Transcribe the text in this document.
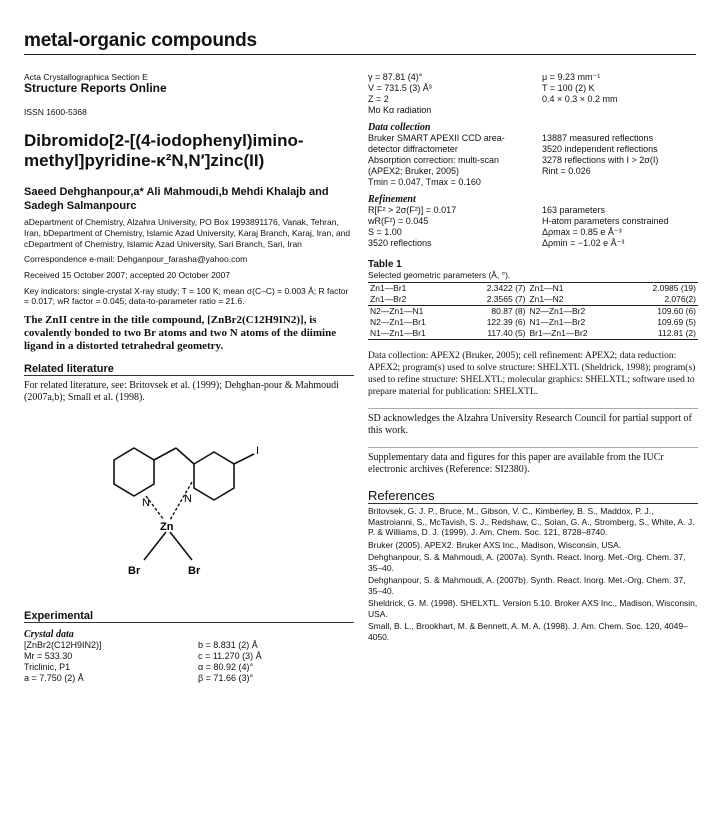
metal-organic compounds
Acta Crystallographica Section E
Structure Reports Online
ISSN 1600-5368
Dibromido[2-[(4-iodophenyl)imino-methyl]pyridine-κ²N,N′]zinc(II)
Saeed Dehghanpour,a* Ali Mahmoudi,b Mehdi Khalajb and Sadegh Salmanpourc
aDepartment of Chemistry, Alzahra University, PO Box 1993891176, Vanak, Tehran, Iran, bDepartment of Chemistry, Islamic Azad University, Karaj Branch, Karaj, Iran, and cDepartment of Chemistry, Islamic Azad University, Sari Branch, Sari, Iran
Correspondence e-mail: Dehganpour_farasha@yahoo.com
Received 15 October 2007; accepted 20 October 2007
Key indicators: single-crystal X-ray study; T = 100 K; mean σ(C–C) = 0.003 Å; R factor = 0.017; wR factor = 0.045; data-to-parameter ratio = 21.6.
The ZnII centre in the title compound, [ZnBr2(C12H9IN2)], is covalently bonded to two Br atoms and two N atoms of the diimine ligand in a distorted tetrahedral geometry.
Related literature
For related literature, see: Britovsek et al. (1999); Dehghan-pour & Mahmoudi (2007a,b); Small et al. (1998).
N	N
Zn
Br	Br
I
Experimental
Crystal data
[ZnBr2(C12H9IN2)]
Mr = 533.30
Triclinic, P1
a = 7.750 (2) Å
b = 8.831 (2) Å
c = 11.270 (3) Å
α = 80.92 (4)°
β = 71.66 (3)°
γ = 87.81 (4)°
V = 731.5 (3) Å³
Z = 2
Mo Kα radiation
μ = 9.23 mm⁻¹
T = 100 (2) K
0.4 × 0.3 × 0.2 mm
Data collection
Bruker SMART APEXII CCD area-detector diffractometer
Absorption correction: multi-scan (APEX2; Bruker, 2005)
Tmin = 0.047, Tmax = 0.160
13887 measured reflections
3520 independent reflections
3278 reflections with I > 2σ(I)
Rint = 0.026
Refinement
R[F² > 2σ(F²)] = 0.017
wR(F²) = 0.045
S = 1.00
3520 reflections
163 parameters
H-atom parameters constrained
Δρmax = 0.85 e Å⁻³
Δρmin = −1.02 e Å⁻³
Table 1
Selected geometric parameters (Å, °).
Zn1—Br1	2.3422 (7)	Zn1—N1	2.0985 (19)
Zn1—Br2	2.3565 (7)	Zn1—N2	2.076(2)
N2—Zn1—N1	80.87 (8)	N2—Zn1—Br2	109.60 (6)
N2—Zn1—Br1	122.39 (6)	N1—Zn1—Br2	109.69 (5)
N1—Zn1—Br1	117.40 (5)	Br1—Zn1—Br2	112.81 (2)
Data collection: APEX2 (Bruker, 2005); cell refinement: APEX2; data reduction: APEX2; program(s) used to solve structure: SHELXTL (Sheldrick, 1998); program(s) used to refine structure: SHELXTL; molecular graphics: SHELXTL; software used to prepare material for publication: SHELXTL.
SD acknowledges the Alzahra University Research Council for partial support of this work.
Supplementary data and figures for this paper are available from the IUCr electronic archives (Reference: SI2380).
References
Britovsek, G. J. P., Bruce, M., Gibson, V. C., Kimberley, B. S., Maddox, P. J., Mastroianni, S., McTavish, S. J., Redshaw, C., Solan, G. A., Stromberg, S., White, A. J. P. & Williams, D. J. (1999). J. Am. Chem. Soc. 121, 8728–8740.
Bruker (2005). APEX2. Bruker AXS Inc., Madison, Wisconsin, USA.
Dehghanpour, S. & Mahmoudi, A. (2007a). Synth. React. Inorg. Met.-Org. Chem. 37, 35–40.
Dehghanpour, S. & Mahmoudi, A. (2007b). Synth. React. Inorg. Met.-Org. Chem. 37, 35–40.
Sheldrick, G. M. (1998). SHELXTL. Version 5.10. Broker AXS Inc., Madison, Wisconsin, USA.
Small, B. L., Brookhart, M. & Bennett, A. M. A. (1998). J. Am. Chem. Soc. 120, 4049–4050.
